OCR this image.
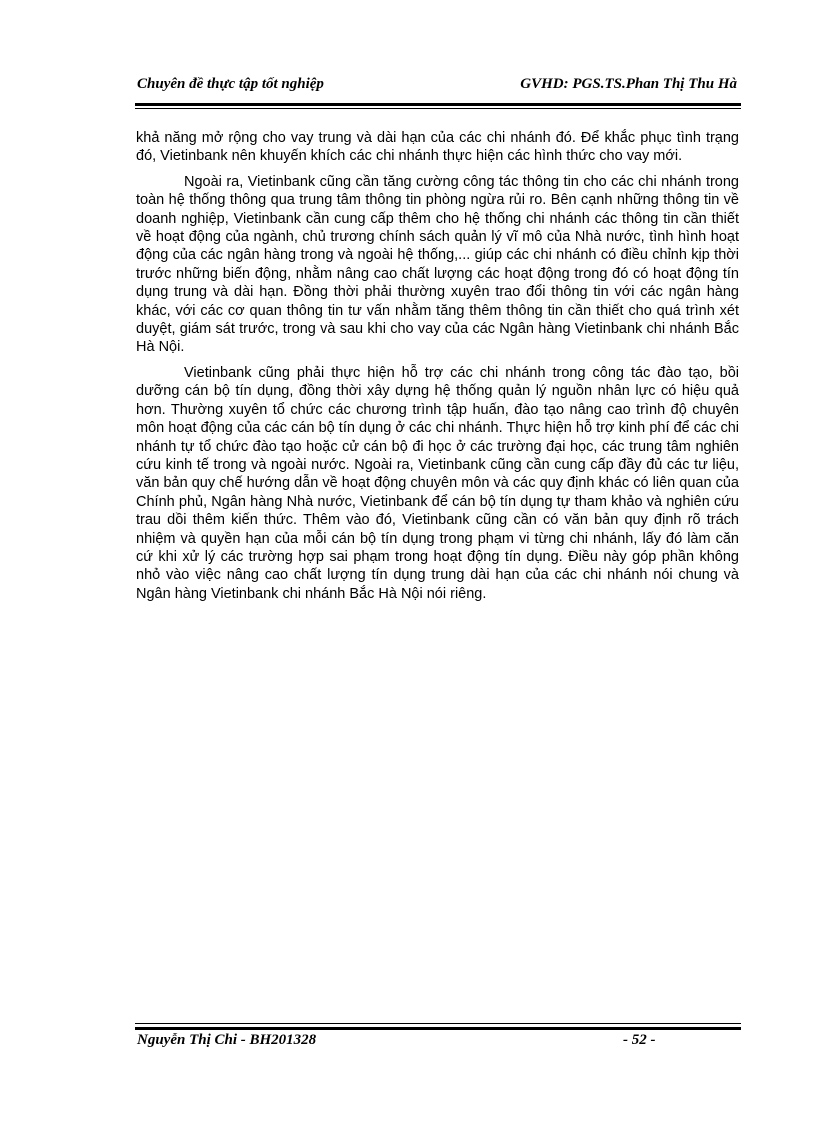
Chuyên đề thực tập tốt nghiệp	GVHD: PGS.TS.Phan Thị Thu Hà

khả năng mở rộng cho vay trung và dài hạn của các chi nhánh đó. Để khắc phục tình trạng đó, Vietinbank nên khuyến khích các chi nhánh thực hiện các hình thức cho vay mới.

Ngoài ra, Vietinbank cũng cần tăng cường công tác thông tin cho các chi nhánh trong toàn hệ thống thông qua trung tâm thông tin phòng ngừa rủi ro. Bên cạnh những thông tin về doanh nghiệp, Vietinbank cần cung cấp thêm cho hệ thống chi nhánh các thông tin cần thiết về hoạt động của ngành, chủ trương chính sách quản lý vĩ mô của Nhà nước, tình hình hoạt động của các ngân hàng trong và ngoài hệ thống,... giúp các chi nhánh có điều chỉnh kịp thời trước những biến động, nhằm nâng cao chất lượng các hoạt động trong đó có hoạt động tín dụng trung và dài hạn. Đồng thời phải thường xuyên trao đổi thông tin với các ngân hàng khác, với các cơ quan thông tin tư vấn nhằm tăng thêm thông tin cần thiết cho quá trình xét duyệt, giám sát trước, trong và sau khi cho vay của các Ngân hàng Vietinbank chi nhánh Bắc Hà Nội.

Vietinbank cũng phải thực hiện hỗ trợ các chi nhánh trong công tác đào tạo, bồi dưỡng cán bộ tín dụng, đồng thời xây dựng hệ thống quản lý nguồn nhân lực có hiệu quả hơn. Thường xuyên tổ chức các chương trình tập huấn, đào tạo nâng cao trình độ chuyên môn hoạt động của các cán bộ tín dụng ở các chi nhánh. Thực hiện hỗ trợ kinh phí để các chi nhánh tự tổ chức đào tạo hoặc cử cán bộ đi học ở các trường đại học, các trung tâm nghiên cứu kinh tế trong và ngoài nước. Ngoài ra, Vietinbank cũng cần cung cấp đầy đủ các tư liệu, văn bản quy chế hướng dẫn về hoạt động chuyên môn và các quy định khác có liên quan của Chính phủ, Ngân hàng Nhà nước, Vietinbank để cán bộ tín dụng tự tham khảo và nghiên cứu trau dồi thêm kiến thức. Thêm vào đó, Vietinbank cũng cần có văn bản quy định rõ trách nhiệm và quyền hạn của mỗi cán bộ tín dụng trong phạm vi từng chi nhánh, lấy đó làm căn cứ khi xử lý các trường hợp sai phạm trong hoạt động tín dụng. Điều này góp phần không nhỏ vào việc nâng cao chất lượng tín dụng trung dài hạn của các chi nhánh nói chung và Ngân hàng Vietinbank chi nhánh Bắc Hà Nội nói riêng.

Nguyễn Thị Chi - BH201328	- 52 -
